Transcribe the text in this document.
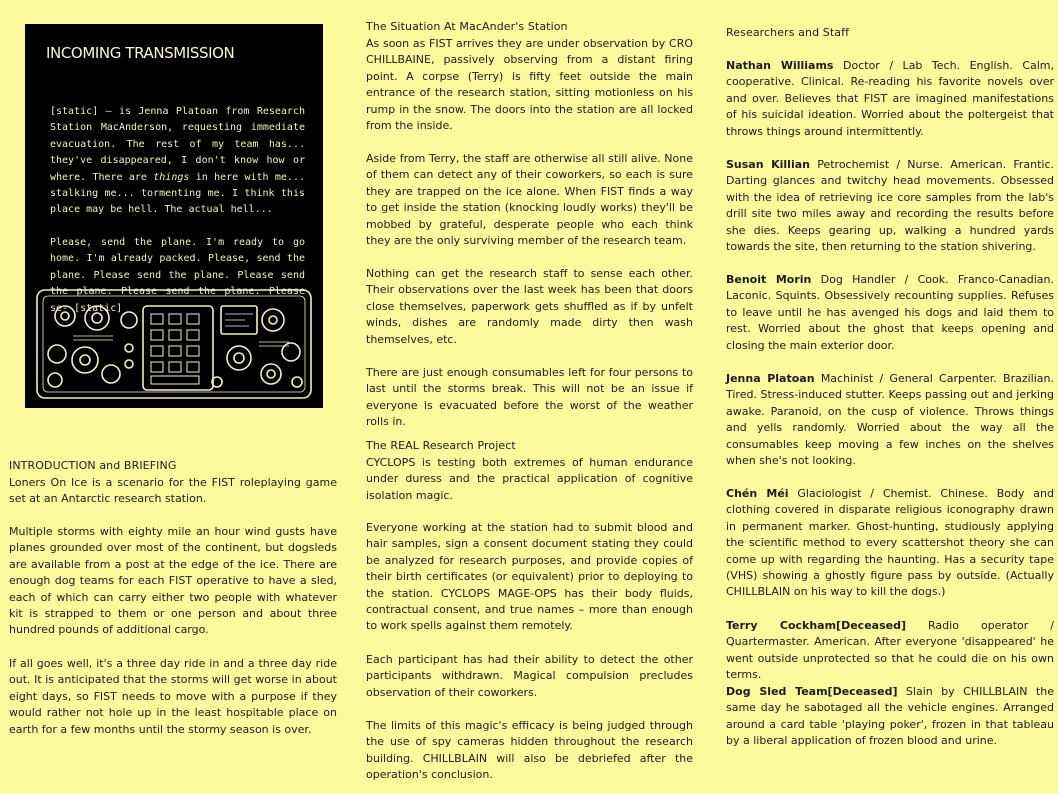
INCOMING TRANSMISSION

[static] – is Jenna Platoan from Research Station MacAnderson, requesting immediate evacuation. The rest of my team has... they've disappeared, I don't know how or where. There are things in here with me... stalking me... tormenting me. I think this place may be hell. The actual hell...

Please, send the plane. I'm ready to go home. I'm already packed. Please, send the plane. Please send the plane. Please send the plane. Please send the plane. Please se- [static]

INTRODUCTION and BRIEFING

Loners On Ice is a scenario for the FIST roleplaying game set at an Antarctic research station.

Multiple storms with eighty mile an hour wind gusts have planes grounded over most of the continent, but dogsleds are available from a post at the edge of the ice. There are enough dog teams for each FIST operative to have a sled, each of which can carry either two people with whatever kit is strapped to them or one person and about three hundred pounds of additional cargo.

If all goes well, it's a three day ride in and a three day ride out. It is anticipated that the storms will get worse in about eight days, so FIST needs to move with a purpose if they would rather not hole up in the least hospitable place on earth for a few months until the stormy season is over.

The Situation At MacAnder's Station

As soon as FIST arrives they are under observation by CRO CHILLBAINE, passively observing from a distant firing point. A corpse (Terry) is fifty feet outside the main entrance of the research station, sitting motionless on his rump in the snow. The doors into the station are all locked from the inside.

Aside from Terry, the staff are otherwise all still alive. None of them can detect any of their coworkers, so each is sure they are trapped on the ice alone. When FIST finds a way to get inside the station (knocking loudly works) they'll be mobbed by grateful, desperate people who each think they are the only surviving member of the research team.

Nothing can get the research staff to sense each other. Their observations over the last week has been that doors close themselves, paperwork gets shuffled as if by unfelt winds, dishes are randomly made dirty then wash themselves, etc.

There are just enough consumables left for four persons to last until the storms break. This will not be an issue if everyone is evacuated before the worst of the weather rolls in.

The REAL Research Project

CYCLOPS is testing both extremes of human endurance under duress and the practical application of cognitive isolation magic.

Everyone working at the station had to submit blood and hair samples, sign a consent document stating they could be analyzed for research purposes, and provide copies of their birth certificates (or equivalent) prior to deploying to the station. CYCLOPS MAGE-OPS has their body fluids, contractual consent, and true names – more than enough to work spells against them remotely.

Each participant has had their ability to detect the other participants withdrawn. Magical compulsion precludes observation of their coworkers.

The limits of this magic's efficacy is being judged through the use of spy cameras hidden throughout the research building. CHILLBLAIN will also be debriefed after the operation's conclusion.

Researchers and Staff

Nathan Williams Doctor / Lab Tech. English. Calm, cooperative. Clinical. Re-reading his favorite novels over and over. Believes that FIST are imagined manifestations of his suicidal ideation. Worried about the poltergeist that throws things around intermittently.

Susan Killian Petrochemist / Nurse. American. Frantic. Darting glances and twitchy head movements. Obsessed with the idea of retrieving ice core samples from the lab's drill site two miles away and recording the results before she dies. Keeps gearing up, walking a hundred yards towards the site, then returning to the station shivering.

Benoit Morin Dog Handler / Cook. Franco-Canadian. Laconic. Squints. Obsessively recounting supplies. Refuses to leave until he has avenged his dogs and laid them to rest. Worried about the ghost that keeps opening and closing the main exterior door.

Jenna Platoan Machinist / General Carpenter. Brazilian. Tired. Stress-induced stutter. Keeps passing out and jerking awake. Paranoid, on the cusp of violence. Throws things and yells randomly. Worried about the way all the consumables keep moving a few inches on the shelves when she's not looking.

Chén Méi Glaciologist / Chemist. Chinese. Body and clothing covered in disparate religious iconography drawn in permanent marker. Ghost-hunting, studiously applying the scientific method to every scattershot theory she can come up with regarding the haunting. Has a security tape (VHS) showing a ghostly figure pass by outside. (Actually CHILLBLAIN on his way to kill the dogs.)

Terry Cockham[Deceased] Radio operator / Quartermaster. American. After everyone 'disappeared' he went outside unprotected so that he could die on his own terms.

Dog Sled Team[Deceased] Slain by CHILLBLAIN the same day he sabotaged all the vehicle engines. Arranged around a card table 'playing poker', frozen in that tableau by a liberal application of frozen blood and urine.
